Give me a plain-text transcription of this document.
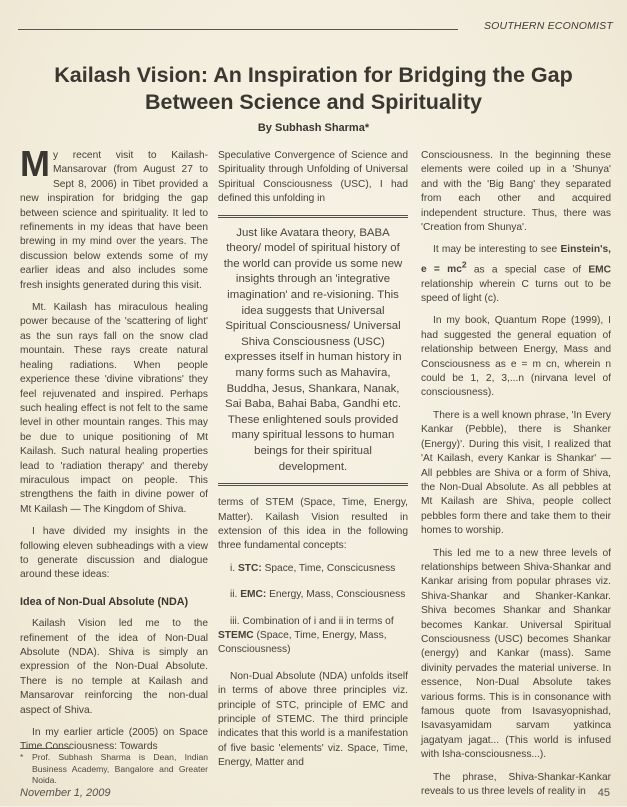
SOUTHERN ECONOMIST
Kailash Vision: An Inspiration for Bridging the Gap
Between Science and Spirituality
By Subhash Sharma*

My recent visit to Kailash-Mansarovar (from August 27 to Sept 8, 2006) in Tibet provided a new inspiration for bridging the gap between science and spirituality. It led to refinements in my ideas that have been brewing in my mind over the years. The discussion below extends some of my earlier ideas and also includes some fresh insights generated during this visit.

Mt. Kailash has miraculous healing power because of the 'scattering of light' as the sun rays fall on the snow clad mountain. These rays create natural healing radiations. When people experience these 'divine vibrations' they feel rejuvenated and inspired. Perhaps such healing effect is not felt to the same level in other mountain ranges. This may be due to unique positioning of Mt Kailash. Such natural healing properties lead to 'radiation therapy' and thereby miraculous impact on people. This strengthens the faith in divine power of Mt Kailash — The Kingdom of Shiva.

I have divided my insights in the following eleven subheadings with a view to generate discussion and dialogue around these ideas:

Idea of Non-Dual Absolute (NDA)

Kailash Vision led me to the refinement of the idea of Non-Dual Absolute (NDA). Shiva is simply an expression of the Non-Dual Absolute. There is no temple at Kailash and Mansarovar reinforcing the non-dual aspect of Shiva.

In my earlier article (2005) on Space Time Consciousness: Towards

Speculative Convergence of Science and Spirituality through Unfolding of Universal Spiritual Consciousness (USC), I had defined this unfolding in

Just like Avatara theory, BABA theory/ model of spiritual history of the world can provide us some new insights through an 'integrative imagination' and re-visioning. This idea suggests that Universal Spiritual Consciousness/ Universal Shiva Consciousness (USC) expresses itself in human history in many forms such as Mahavira, Buddha, Jesus, Shankara, Nanak, Sai Baba, Bahai Baba, Gandhi etc. These enlightened souls provided many spiritual lessons to human beings for their spiritual development.

terms of STEM (Space, Time, Energy, Matter). Kailash Vision resulted in extension of this idea in the following three fundamental concepts:

i. STC: Space, Time, Conscicusness
ii. EMC: Energy, Mass, Consciousness
iii. Combination of i and ii in terms of STEMC (Space, Time, Energy, Mass, Consciousness)

Non-Dual Absolute (NDA) unfolds itself in terms of above three principles viz. principle of STC, principle of EMC and principle of STEMC. The third principle indicates that this world is a manifestation of five basic 'elements' viz. Space, Time, Energy, Matter and

Consciousness. In the beginning these elements were coiled up in a 'Shunya' and with the 'Big Bang' they separated from each other and acquired independent structure. Thus, there was 'Creation from Shunya'.

It may be interesting to see Einstein's, $e = mc^2$ as a special case of EMC relationship wherein C turns out to be speed of light (c).

In my book, Quantum Rope (1999), I had suggested the general equation of relationship between Energy, Mass and Consciousness as e = m cn, wherein n could be 1, 2, 3,...n (nirvana level of consciousness).

There is a well known phrase, 'In Every Kankar (Pebble), there is Shanker (Energy)'. During this visit, I realized that 'At Kailash, every Kankar is Shankar' — All pebbles are Shiva or a form of Shiva, the Non-Dual Absolute. As all pebbles at Mt Kailash are Shiva, people collect pebbles form there and take them to their homes to worship.

This led me to a new three levels of relationships between Shiva-Shankar and Kankar arising from popular phrases viz. Shiva-Shankar and Shanker-Kankar. Shiva becomes Shankar and Shankar becomes Kankar. Universal Spiritual Consciousness (USC) becomes Shankar (energy) and Kankar (mass). Same divinity pervades the material universe. In essence, Non-Dual Absolute takes various forms. This is in consonance with famous quote from Isavasyopnishad, Isavasyamidam sarvam yatkinca jagatyam jagat... (This world is infused with Isha-consciousness...).

The phrase, Shiva-Shankar-Kankar reveals to us three levels of reality in

* Prof. Subhash Sharma is Dean, Indian Business Academy, Bangalore and Greater Noida.
November 1, 2009	45
